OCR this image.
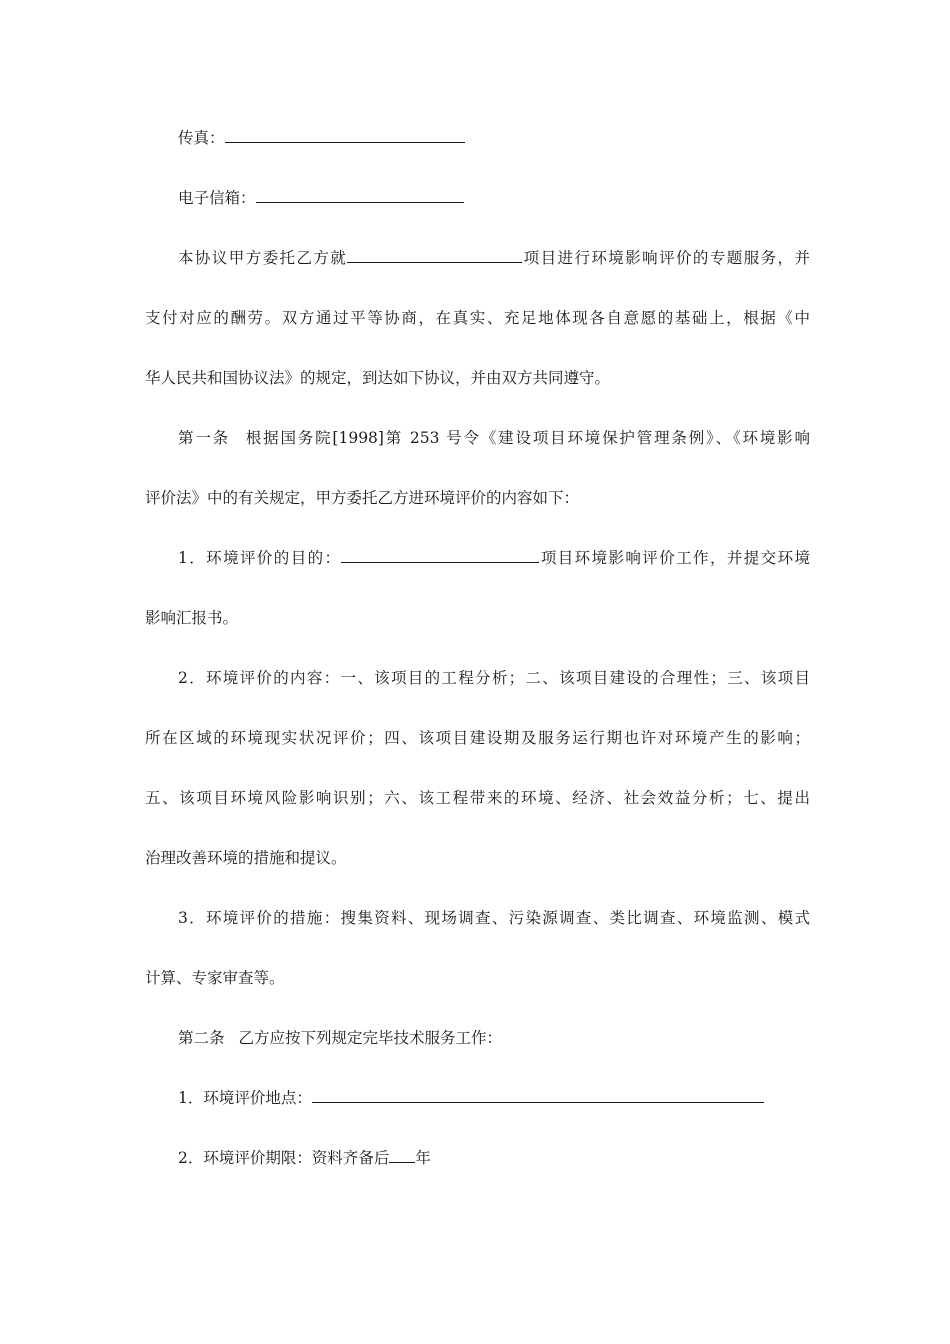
传真：
电子信箱：
本协议甲方委托乙方就	项目进行环境影响评价的专题服务，并
支付对应的酬劳。双方通过平等协商，在真实、充足地体现各自意愿的基础上，根据《中
华人民共和国协议法》的规定，到达如下协议，并由双方共同遵守。
第一条 根据国务院[1998]第 253 号令《建设项目环境保护管理条例》、《环境影响
评价法》中的有关规定，甲方委托乙方进环境评价的内容如下：
1．环境评价的目的：	项目环境影响评价工作，并提交环境
影响汇报书。
2．环境评价的内容：一、该项目的工程分析；二、该项目建设的合理性；三、该项目
所在区域的环境现实状况评价；四、该项目建设期及服务运行期也许对环境产生的影响；
五、该项目环境风险影响识别；六、该工程带来的环境、经济、社会效益分析；七、提出
治理改善环境的措施和提议。
3．环境评价的措施：搜集资料、现场调查、污染源调查、类比调查、环境监测、模式
计算、专家审查等。
第二条 乙方应按下列规定完毕技术服务工作：
1．环境评价地点：
2．环境评价期限：资料齐备后 年
